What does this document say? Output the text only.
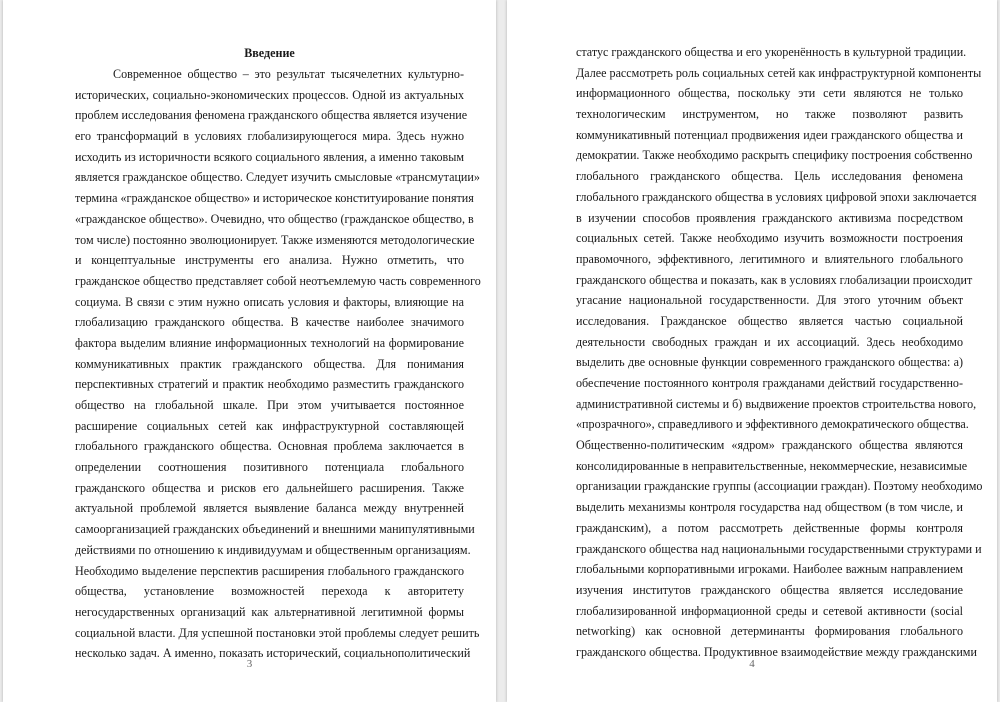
Введение
Современное общество – это результат тысячелетних культурно-
исторических, социально-экономических процессов. Одной из актуальных
проблем исследования феномена гражданского общества является изучение
его трансформаций в условиях глобализирующегося мира. Здесь нужно
исходить из историчности всякого социального явления, а именно таковым
является гражданское общество. Следует изучить смысловые «трансмутации»
термина «гражданское общество» и историческое конституирование понятия
«гражданское общество». Очевидно, что общество (гражданское общество, в
том числе) постоянно эволюционирует. Также изменяются методологические
и концептуальные инструменты его анализа. Нужно отметить, что
гражданское общество представляет собой неотъемлемую часть современного
социума. В связи с этим нужно описать условия и факторы, влияющие на
глобализацию гражданского общества. В качестве наиболее значимого
фактора выделим влияние информационных технологий на формирование
коммуникативных практик гражданского общества. Для понимания
перспективных стратегий и практик необходимо разместить гражданского
общество на глобальной шкале. При этом учитывается постоянное
расширение социальных сетей как инфраструктурной составляющей
глобального гражданского общества. Основная проблема заключается в
определении соотношения позитивного потенциала глобального
гражданского общества и рисков его дальнейшего расширения. Также
актуальной проблемой является выявление баланса между внутренней
самоорганизацией гражданских объединений и внешними манипулятивными
действиями по отношению к индивидуумам и общественным организациям.
Необходимо выделение перспектив расширения глобального гражданского
общества, установление возможностей перехода к авторитету
негосударственных организаций как альтернативной легитимной формы
социальной власти. Для успешной постановки этой проблемы следует решить
несколько задач. А именно, показать исторический, социальнополитический
3
статус гражданского общества и его укоренённость в культурной традиции.
Далее рассмотреть роль социальных сетей как инфраструктурной компоненты
информационного общества, поскольку эти сети являются не только
технологическим инструментом, но также позволяют развить
коммуникативный потенциал продвижения идеи гражданского общества и
демократии. Также необходимо раскрыть специфику построения собственно
глобального гражданского общества. Цель исследования феномена
глобального гражданского общества в условиях цифровой эпохи заключается
в изучении способов проявления гражданского активизма посредством
социальных сетей. Также необходимо изучить возможности построения
правомочного, эффективного, легитимного и влиятельного глобального
гражданского общества и показать, как в условиях глобализации происходит
угасание национальной государственности. Для этого уточним объект
исследования. Гражданское общество является частью социальной
деятельности свободных граждан и их ассоциаций. Здесь необходимо
выделить две основные функции современного гражданского общества: а)
обеспечение постоянного контроля гражданами действий государственно-
административной системы и б) выдвижение проектов строительства нового,
«прозрачного», справедливого и эффективного демократического общества.
Общественно-политическим «ядром» гражданского общества являются
консолидированные в неправительственные, некоммерческие, независимые
организации гражданские группы (ассоциации граждан). Поэтому необходимо
выделить механизмы контроля государства над обществом (в том числе, и
гражданским), а потом рассмотреть действенные формы контроля
гражданского общества над национальными государственными структурами и
глобальными корпоративными игроками. Наиболее важным направлением
изучения институтов гражданского общества является исследование
глобализированной информационной среды и сетевой активности (social
networking) как основной детерминанты формирования глобального
гражданского общества. Продуктивное взаимодействие между гражданскими
4
